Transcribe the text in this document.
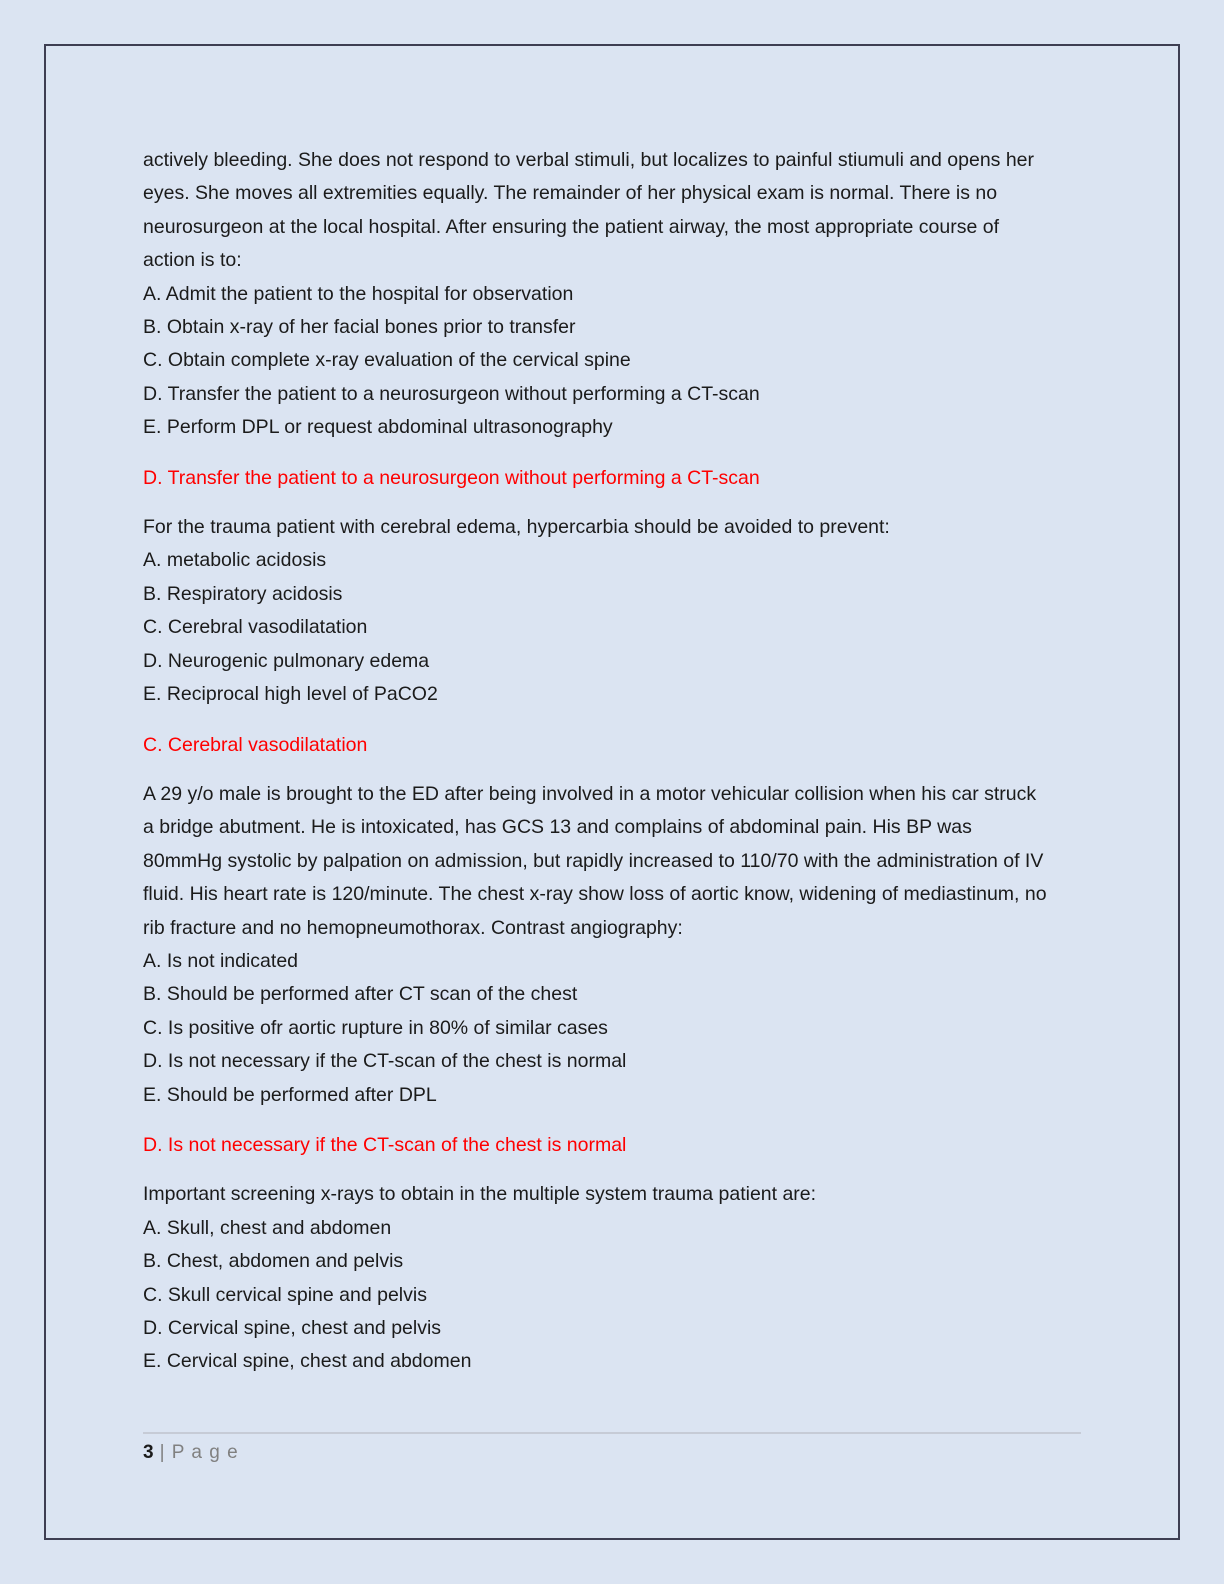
actively bleeding. She does not respond to verbal stimuli, but localizes to painful stiumuli and opens her eyes. She moves all extremities equally. The remainder of her physical exam is normal. There is no neurosurgeon at the local hospital. After ensuring the patient airway, the most appropriate course of action is to:

A. Admit the patient to the hospital for observation

B. Obtain x-ray of her facial bones prior to transfer

C. Obtain complete x-ray evaluation of the cervical spine

D. Transfer the patient to a neurosurgeon without performing a CT-scan

E. Perform DPL or request abdominal ultrasonography

D. Transfer the patient to a neurosurgeon without performing a CT-scan

For the trauma patient with cerebral edema, hypercarbia should be avoided to prevent:

A. metabolic acidosis

B. Respiratory acidosis

C. Cerebral vasodilatation

D. Neurogenic pulmonary edema

E. Reciprocal high level of PaCO2

C. Cerebral vasodilatation

A 29 y/o male is brought to the ED after being involved in a motor vehicular collision when his car struck a bridge abutment. He is intoxicated, has GCS 13 and complains of abdominal pain. His BP was 80mmHg systolic by palpation on admission, but rapidly increased to 110/70 with the administration of IV fluid. His heart rate is 120/minute. The chest x-ray show loss of aortic know, widening of mediastinum, no rib fracture and no hemopneumothorax. Contrast angiography:

A. Is not indicated

B. Should be performed after CT scan of the chest

C. Is positive ofr aortic rupture in 80% of similar cases

D. Is not necessary if the CT-scan of the chest is normal

E. Should be performed after DPL

D. Is not necessary if the CT-scan of the chest is normal

Important screening x-rays to obtain in the multiple system trauma patient are:

A. Skull, chest and abdomen

B. Chest, abdomen and pelvis

C. Skull cervical spine and pelvis

D. Cervical spine, chest and pelvis

E. Cervical spine, chest and abdomen

3 | P a g e
